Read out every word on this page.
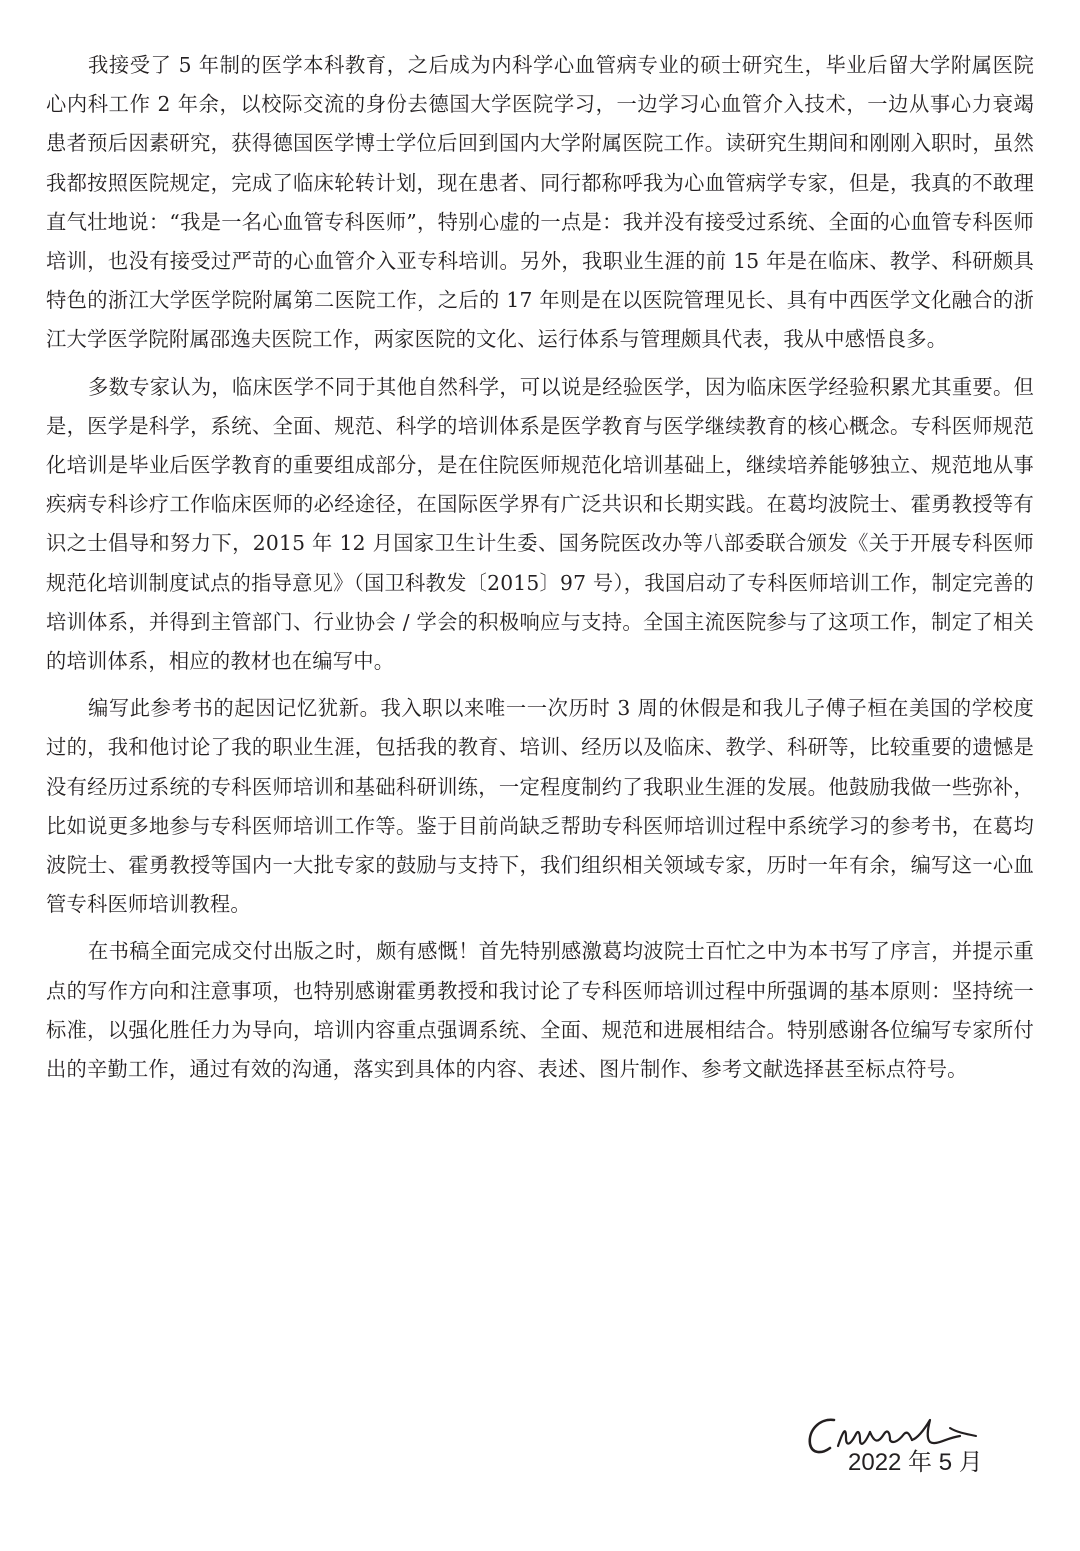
我接受了 5 年制的医学本科教育，之后成为内科学心血管病专业的硕士研究生，毕业后留大学附属医院心内科工作 2 年余，以校际交流的身份去德国大学医院学习，一边学习心血管介入技术，一边从事心力衰竭患者预后因素研究，获得德国医学博士学位后回到国内大学附属医院工作。读研究生期间和刚刚入职时，虽然我都按照医院规定，完成了临床轮转计划，现在患者、同行都称呼我为心血管病学专家，但是，我真的不敢理直气壮地说：“我是一名心血管专科医师”，特别心虚的一点是：我并没有接受过系统、全面的心血管专科医师培训，也没有接受过严苛的心血管介入亚专科培训。另外，我职业生涯的前 15 年是在临床、教学、科研颇具特色的浙江大学医学院附属第二医院工作，之后的 17 年则是在以医院管理见长、具有中西医学文化融合的浙江大学医学院附属邵逸夫医院工作，两家医院的文化、运行体系与管理颇具代表，我从中感悟良多。

多数专家认为，临床医学不同于其他自然科学，可以说是经验医学，因为临床医学经验积累尤其重要。但是，医学是科学，系统、全面、规范、科学的培训体系是医学教育与医学继续教育的核心概念。专科医师规范化培训是毕业后医学教育的重要组成部分，是在住院医师规范化培训基础上，继续培养能够独立、规范地从事疾病专科诊疗工作临床医师的必经途径，在国际医学界有广泛共识和长期实践。在葛均波院士、霍勇教授等有识之士倡导和努力下，2015 年 12 月国家卫生计生委、国务院医改办等八部委联合颁发《关于开展专科医师规范化培训制度试点的指导意见》（国卫科教发〔2015〕97 号），我国启动了专科医师培训工作，制定完善的培训体系，并得到主管部门、行业协会 / 学会的积极响应与支持。全国主流医院参与了这项工作，制定了相关的培训体系，相应的教材也在编写中。

编写此参考书的起因记忆犹新。我入职以来唯一一次历时 3 周的休假是和我儿子傅子桓在美国的学校度过的，我和他讨论了我的职业生涯，包括我的教育、培训、经历以及临床、教学、科研等，比较重要的遗憾是没有经历过系统的专科医师培训和基础科研训练，一定程度制约了我职业生涯的发展。他鼓励我做一些弥补，比如说更多地参与专科医师培训工作等。鉴于目前尚缺乏帮助专科医师培训过程中系统学习的参考书，在葛均波院士、霍勇教授等国内一大批专家的鼓励与支持下，我们组织相关领域专家，历时一年有余，编写这一心血管专科医师培训教程。

在书稿全面完成交付出版之时，颇有感慨！首先特别感激葛均波院士百忙之中为本书写了序言，并提示重点的写作方向和注意事项，也特别感谢霍勇教授和我讨论了专科医师培训过程中所强调的基本原则：坚持统一标准，以强化胜任力为导向，培训内容重点强调系统、全面、规范和进展相结合。特别感谢各位编写专家所付出的辛勤工作，通过有效的沟通，落实到具体的内容、表述、图片制作、参考文献选择甚至标点符号。

2022 年 5 月
